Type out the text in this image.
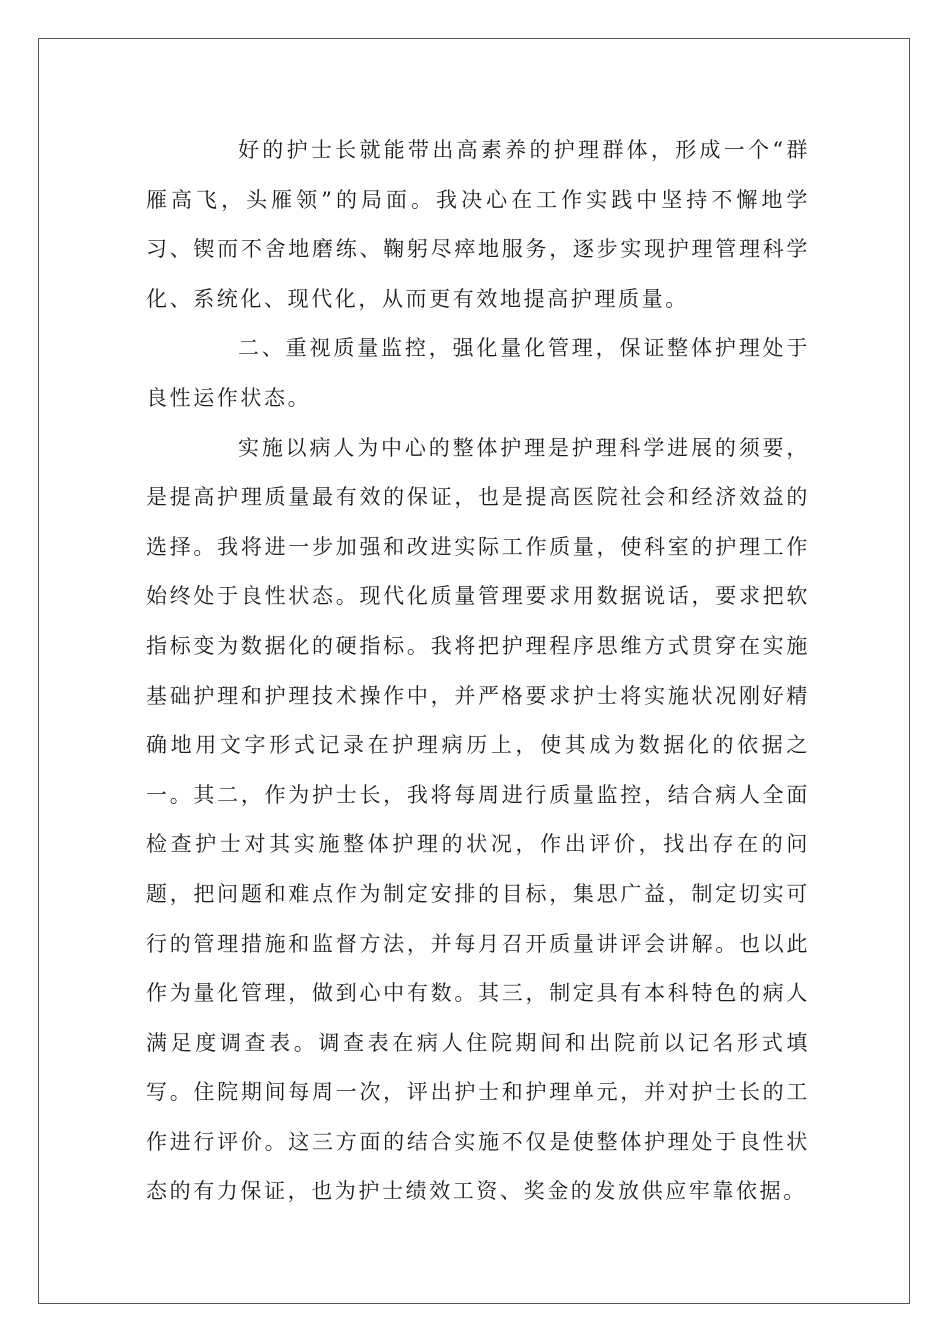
好的护士长就能带出高素养的护理群体，形成一个“群雁高飞，头雁领”的局面。我决心在工作实践中坚持不懈地学习、锲而不舍地磨练、鞠躬尽瘁地服务，逐步实现护理管理科学化、系统化、现代化，从而更有效地提高护理质量。

二、重视质量监控，强化量化管理，保证整体护理处于良性运作状态。

实施以病人为中心的整体护理是护理科学进展的须要，是提高护理质量最有效的保证，也是提高医院社会和经济效益的选择。我将进一步加强和改进实际工作质量，使科室的护理工作始终处于良性状态。现代化质量管理要求用数据说话，要求把软指标变为数据化的硬指标。我将把护理程序思维方式贯穿在实施基础护理和护理技术操作中，并严格要求护士将实施状况刚好精确地用文字形式记录在护理病历上，使其成为数据化的依据之一。其二，作为护士长，我将每周进行质量监控，结合病人全面检查护士对其实施整体护理的状况，作出评价，找出存在的问题，把问题和难点作为制定安排的目标，集思广益，制定切实可行的管理措施和监督方法，并每月召开质量讲评会讲解。也以此作为量化管理，做到心中有数。其三，制定具有本科特色的病人满足度调查表。调查表在病人住院期间和出院前以记名形式填写。住院期间每周一次，评出护士和护理单元，并对护士长的工作进行评价。这三方面的结合实施不仅是使整体护理处于良性状态的有力保证，也为护士绩效工资、奖金的发放供应牢靠依据。
